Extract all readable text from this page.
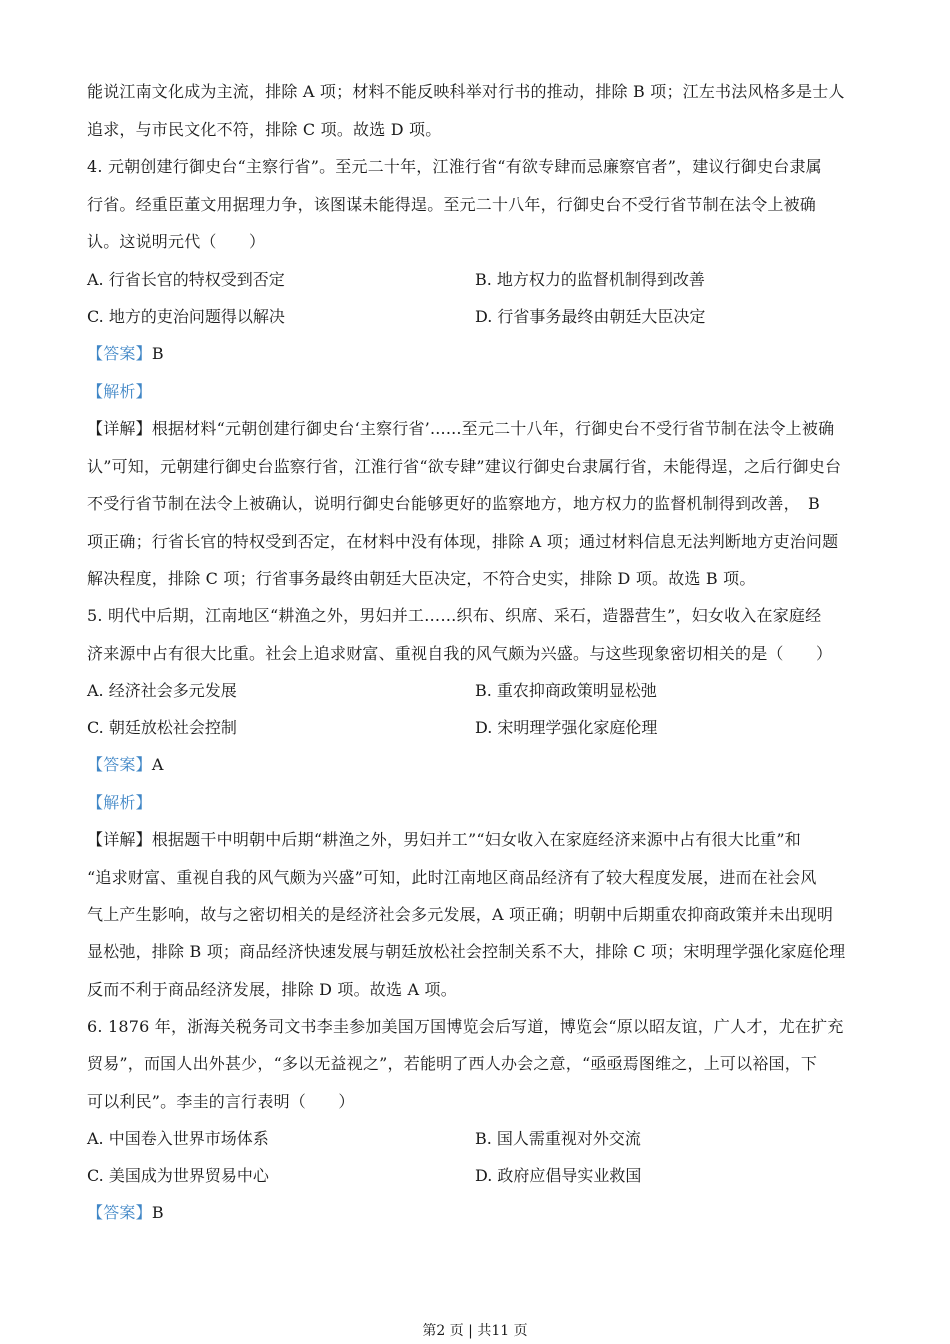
能说江南文化成为主流，排除 A 项；材料不能反映科举对行书的推动，排除 B 项；江左书法风格多是士人
追求，与市民文化不符，排除 C 项。故选 D 项。
4. 元朝创建行御史台“主察行省”。至元二十年，江淮行省“有欲专肆而忌廉察官者”，建议行御史台隶属
行省。经重臣董文用据理力争，该图谋未能得逞。至元二十八年，行御史台不受行省节制在法令上被确
认。这说明元代（　　）
A. 行省长官的特权受到否定	B. 地方权力的监督机制得到改善
C. 地方的吏治问题得以解决	D. 行省事务最终由朝廷大臣决定
【答案】B
【解析】
【详解】根据材料“元朝创建行御史台‘主察行省’......至元二十八年，行御史台不受行省节制在法令上被确
认”可知，元朝建行御史台监察行省，江淮行省“欲专肆”建议行御史台隶属行省，未能得逞，之后行御史台
不受行省节制在法令上被确认，说明行御史台能够更好的监察地方，地方权力的监督机制得到改善，　B
项正确；行省长官的特权受到否定，在材料中没有体现，排除 A 项；通过材料信息无法判断地方吏治问题
解决程度，排除 C 项；行省事务最终由朝廷大臣决定，不符合史实，排除 D 项。故选 B 项。
5. 明代中后期，江南地区“耕渔之外，男妇并工……织布、织席、采石，造器营生”，妇女收入在家庭经
济来源中占有很大比重。社会上追求财富、重视自我的风气颇为兴盛。与这些现象密切相关的是（　　）
A. 经济社会多元发展	B. 重农抑商政策明显松弛
C. 朝廷放松社会控制	D. 宋明理学强化家庭伦理
【答案】A
【解析】
【详解】根据题干中明朝中后期“耕渔之外，男妇并工”“妇女收入在家庭经济来源中占有很大比重”和
“追求财富、重视自我的风气颇为兴盛”可知，此时江南地区商品经济有了较大程度发展，进而在社会风
气上产生影响，故与之密切相关的是经济社会多元发展，A 项正确；明朝中后期重农抑商政策并未出现明
显松弛，排除 B 项；商品经济快速发展与朝廷放松社会控制关系不大，排除 C 项；宋明理学强化家庭伦理
反而不利于商品经济发展，排除 D 项。故选 A 项。
6. 1876 年，浙海关税务司文书李圭参加美国万国博览会后写道，博览会“原以昭友谊，广人才，尤在扩充
贸易”，而国人出外甚少，“多以无益视之”，若能明了西人办会之意，“亟亟焉图维之，上可以裕国，下
可以利民”。李圭的言行表明（　　）
A. 中国卷入世界市场体系	B. 国人需重视对外交流
C. 美国成为世界贸易中心	D. 政府应倡导实业救国
【答案】B
第2 页 | 共11 页
